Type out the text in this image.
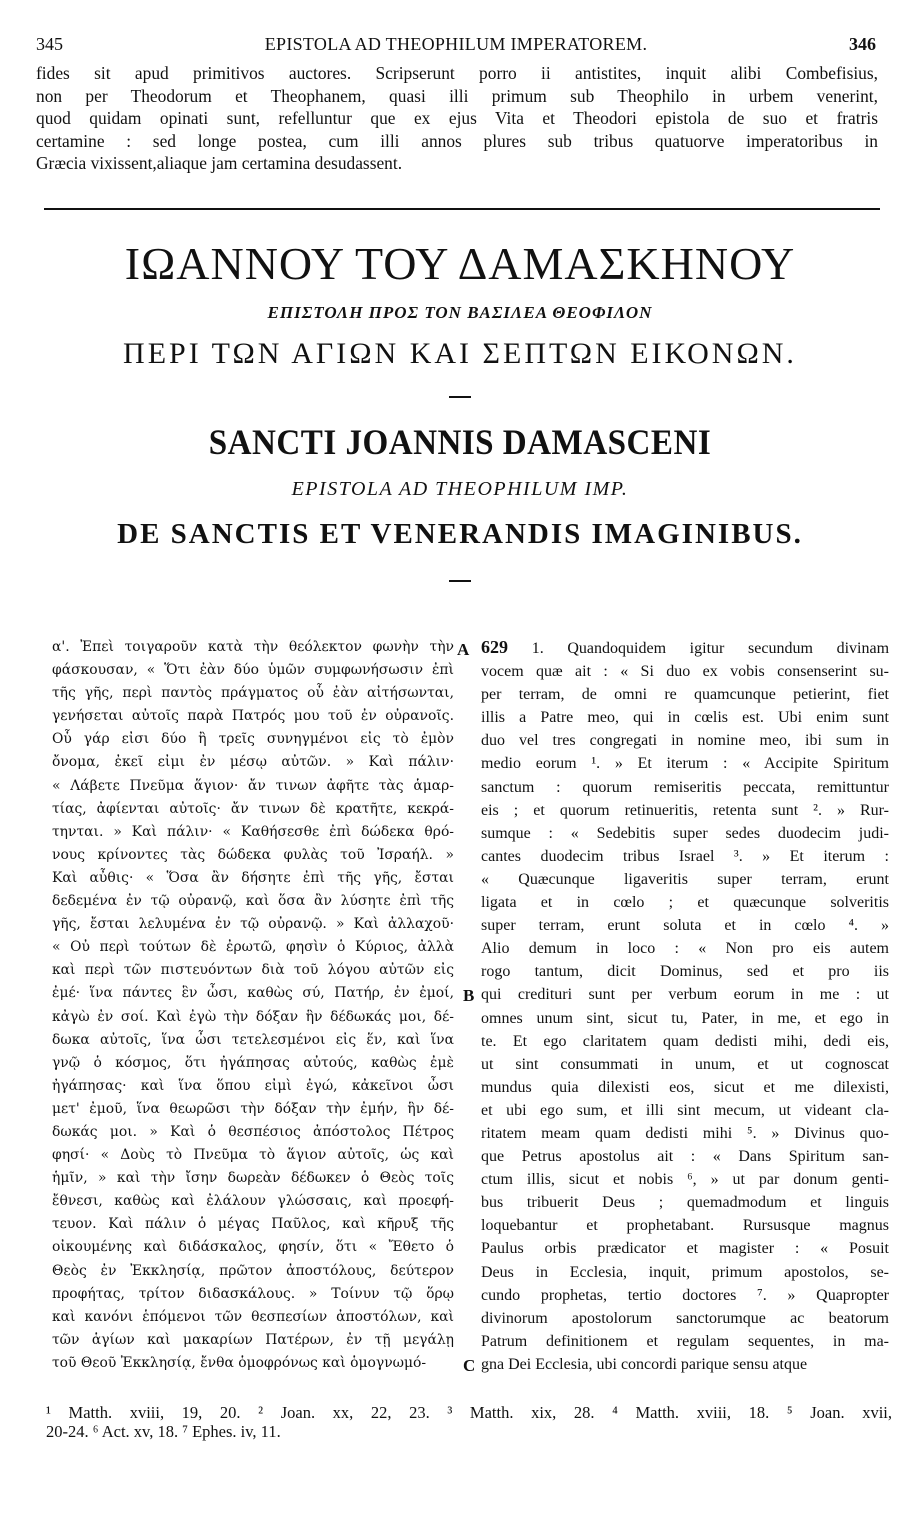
345	EPISTOLA AD THEOPHILUM IMPERATOREM.	346
fides sit apud primitivos auctores. Scripserunt porro ii antistites, inquit alibi Combefisius,
non per Theodorum et Theophanem, quasi illi primum sub Theophilo in urbem venerint,
quod quidam opinati sunt, refelluntur que ex ejus Vita et Theodori epistola de suo et fratris
certamine : sed longe postea, cum illi annos plures sub tribus quatuorve imperatoribus in
Græcia vixissent,aliaque jam certamina desudassent.
ΙΩΑΝΝΟΥ ΤΟΥ ΔΑΜΑΣΚΗΝΟΥ
ΕΠΙΣΤΟΛΗ ΠΡΟΣ ΤΟΝ ΒΑΣΙΛΕΑ ΘΕΟΦΙΛΟΝ
ΠΕΡΙ ΤΩΝ ΑΓΙΩΝ ΚΑΙ ΣΕΠΤΩΝ ΕΙΚΟΝΩΝ.
SANCTI JOANNIS DAMASCENI
EPISTOLA AD THEOPHILUM IMP.
DE SANCTIS ET VENERANDIS IMAGINIBUS.
α'. Ἐπεὶ τοιγαροῦν κατὰ τὴν θεόλεκτον φωνὴν τὴν
φάσκουσαν, « Ὅτι ἐὰν δύο ὑμῶν συμφωνήσωσιν ἐπὶ
τῆς γῆς, περὶ παντὸς πράγματος οὗ ἐὰν αἰτήσωνται,
γενήσεται αὐτοῖς παρὰ Πατρός μου τοῦ ἐν οὐρανοῖς.
Οὗ γάρ εἰσι δύο ἢ τρεῖς συνηγμένοι εἰς τὸ ἐμὸν
ὄνομα, ἐκεῖ εἰμι ἐν μέσῳ αὐτῶν. » Καὶ πάλιν·
« Λάβετε Πνεῦμα ἅγιον· ἄν τινων ἀφῆτε τὰς ἁμαρ-
τίας, ἀφίενται αὐτοῖς· ἄν τινων δὲ κρατῆτε, κεκρά-
τηνται. » Καὶ πάλιν· « Καθήσεσθε ἐπὶ δώδεκα θρό-
νους κρίνοντες τὰς δώδεκα φυλὰς τοῦ Ἰσραήλ. »
Καὶ αὖθις· « Ὅσα ἂν δήσητε ἐπὶ τῆς γῆς, ἔσται
δεδεμένα ἐν τῷ οὐρανῷ, καὶ ὅσα ἂν λύσητε ἐπὶ τῆς
γῆς, ἔσται λελυμένα ἐν τῷ οὐρανῷ. » Καὶ ἀλλαχοῦ·
« Οὐ περὶ τούτων δὲ ἐρωτῶ, φησὶν ὁ Κύριος, ἀλλὰ
καὶ περὶ τῶν πιστευόντων διὰ τοῦ λόγου αὐτῶν εἰς
ἐμέ· ἵνα πάντες ἓν ὦσι, καθὼς σύ, Πατήρ, ἐν ἐμοί,
κἀγὼ ἐν σοί. Καὶ ἐγὼ τὴν δόξαν ἣν δέδωκάς μοι, δέ-
δωκα αὐτοῖς, ἵνα ὦσι τετελεσμένοι εἰς ἕν, καὶ ἵνα
γνῷ ὁ κόσμος, ὅτι ἠγάπησας αὐτούς, καθὼς ἐμὲ
ἠγάπησας· καὶ ἵνα ὅπου εἰμὶ ἐγώ, κἀκεῖνοι ὦσι
μετ' ἐμοῦ, ἵνα θεωρῶσι τὴν δόξαν τὴν ἐμήν, ἣν δέ-
δωκάς μοι. » Καὶ ὁ θεσπέσιος ἀπόστολος Πέτρος
φησί· « Δοὺς τὸ Πνεῦμα τὸ ἅγιον αὐτοῖς, ὡς καὶ
ἡμῖν, » καὶ τὴν ἴσην δωρεὰν δέδωκεν ὁ Θεὸς τοῖς
ἔθνεσι, καθὼς καὶ ἐλάλουν γλώσσαις, καὶ προεφή-
τευον. Καὶ πάλιν ὁ μέγας Παῦλος, καὶ κῆρυξ τῆς
οἰκουμένης καὶ διδάσκαλος, φησίν, ὅτι « Ἔθετο ὁ
Θεὸς ἐν Ἐκκλησίᾳ, πρῶτον ἀποστόλους, δεύτερον
προφήτας, τρίτον διδασκάλους. » Τοίνυν τῷ ὅρῳ
καὶ κανόνι ἑπόμενοι τῶν θεσπεσίων ἀποστόλων, καὶ
τῶν ἁγίων καὶ μακαρίων Πατέρων, ἐν τῇ μεγάλῃ
τοῦ Θεοῦ Ἐκκλησίᾳ, ἔνθα ὁμοφρόνως καὶ ὁμογνωμό-
A
B
C
629 1. Quandoquidem igitur secundum divinam
vocem quæ ait : « Si duo ex vobis consenserint su-
per terram, de omni re quamcunque petierint, fiet
illis a Patre meo, qui in cœlis est. Ubi enim sunt
duo vel tres congregati in nomine meo, ibi sum in
medio eorum ¹. » Et iterum : « Accipite Spiritum
sanctum : quorum remiseritis peccata, remittuntur
eis ; et quorum retinueritis, retenta sunt ². » Rur-
sumque : « Sedebitis super sedes duodecim judi-
cantes duodecim tribus Israel ³. » Et iterum :
« Quæcunque ligaveritis super terram, erunt
ligata et in cœlo ; et quæcunque solveritis
super terram, erunt soluta et in cœlo ⁴. »
Alio demum in loco : « Non pro eis autem
rogo tantum, dicit Dominus, sed et pro iis
qui credituri sunt per verbum eorum in me : ut
omnes unum sint, sicut tu, Pater, in me, et ego in
te. Et ego claritatem quam dedisti mihi, dedi eis,
ut sint consummati in unum, et ut cognoscat
mundus quia dilexisti eos, sicut et me dilexisti,
et ubi ego sum, et illi sint mecum, ut videant cla-
ritatem meam quam dedisti mihi ⁵. » Divinus quo-
que Petrus apostolus ait : « Dans Spiritum san-
ctum illis, sicut et nobis ⁶, » ut par donum genti-
bus tribuerit Deus ; quemadmodum et linguis
loquebantur et prophetabant. Rursusque magnus
Paulus orbis prædicator et magister : « Posuit
Deus in Ecclesia, inquit, primum apostolos, se-
cundo prophetas, tertio doctores ⁷. » Quapropter
divinorum apostolorum sanctorumque ac beatorum
Patrum definitionem et regulam sequentes, in ma-
gna Dei Ecclesia, ubi concordi parique sensu atque
¹ Matth. xviii, 19, 20. ² Joan. xx, 22, 23. ³ Matth. xix, 28. ⁴ Matth. xviii, 18. ⁵ Joan. xvii,
20-24. ⁶ Act. xv, 18. ⁷ Ephes. iv, 11.
